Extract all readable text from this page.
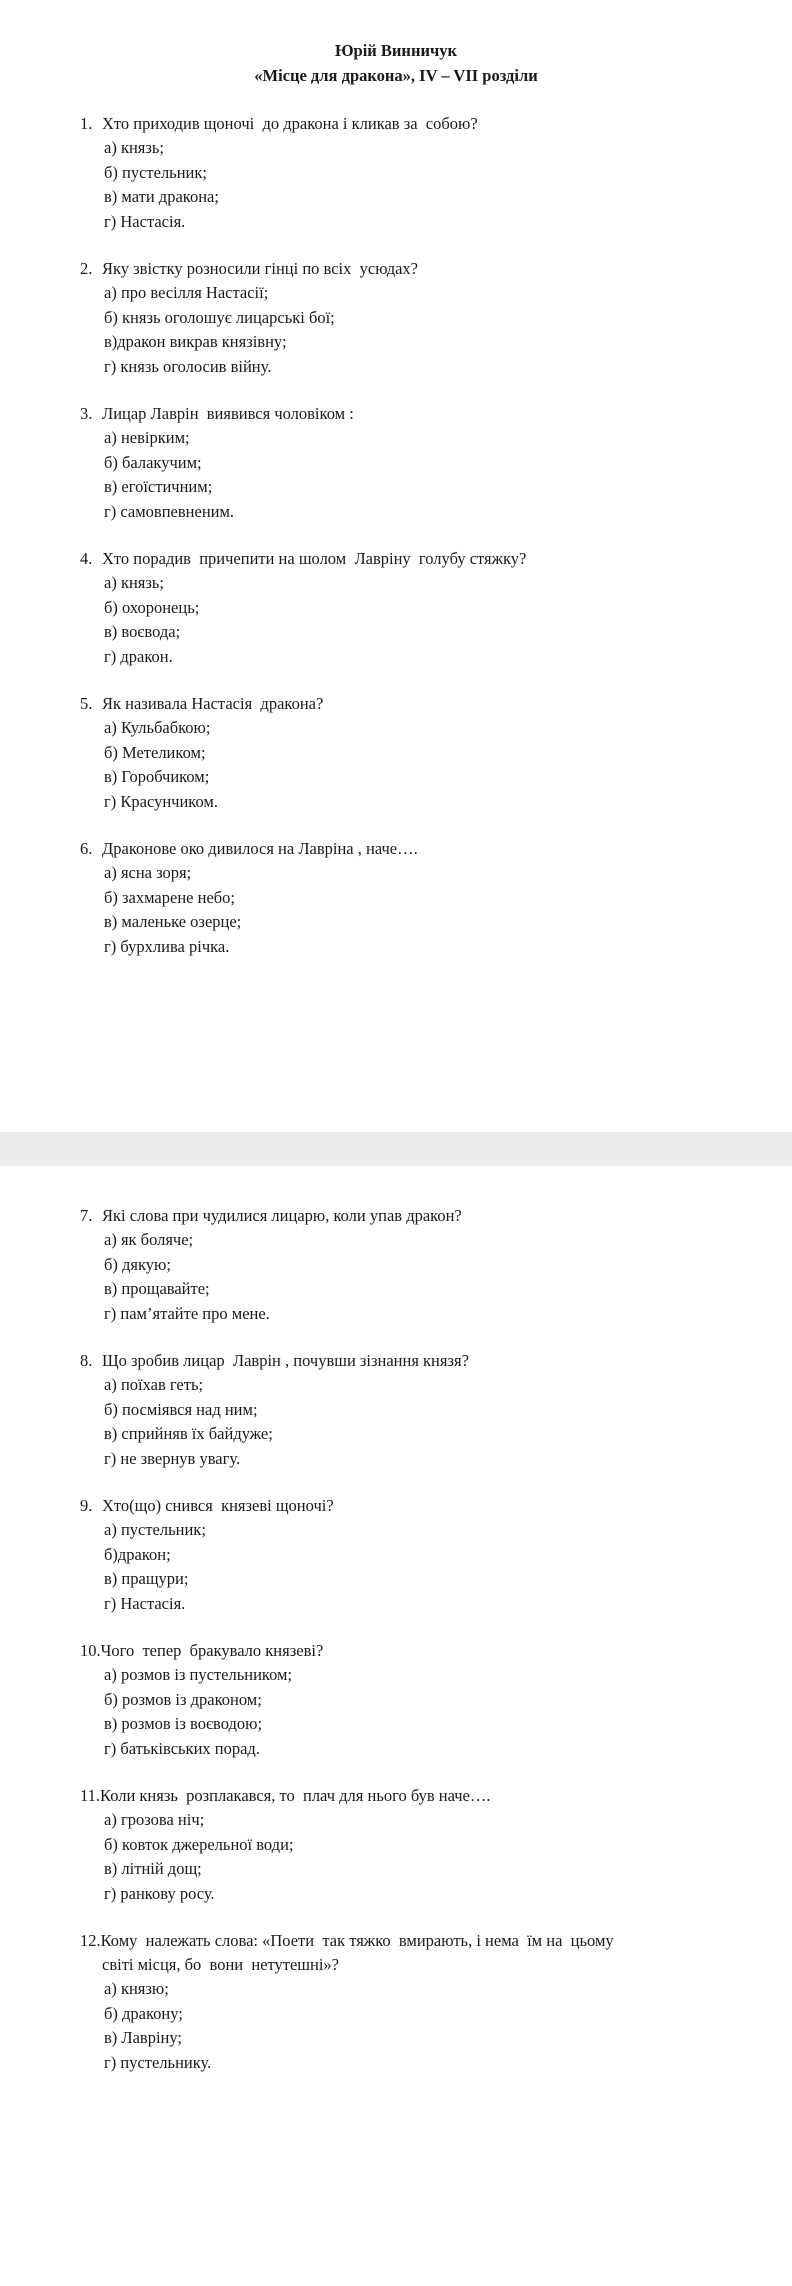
Юрій Винничук
«Місце для дракона», IV – VII розділи
1. Хто приходив щоночі  до дракона і кликав за  собою?
а) князь;
б) пустельник;
в) мати дракона;
г) Настасія.
2. Яку звістку розносили гінці по всіх  усюдах?
а) про весілля Настасії;
б) князь оголошує лицарські бої;
в)дракон викрав князівну;
г) князь оголосив війну.
3. Лицар Лаврін  виявився чоловіком :
а) невірким;
б) балакучим;
в) егоїстичним;
г) самовпевненим.
4. Хто порадив  причепити на шолом  Лавріну  голубу стяжку?
а) князь;
б) охоронець;
в) воєвода;
г) дракон.
5. Як називала Настасія  дракона?
а) Кульбабкою;
б) Метеликом;
в) Горобчиком;
г) Красунчиком.
6. Драконове око дивилося на Лавріна , наче….
а) ясна зоря;
б) захмарене небо;
в) маленьке озерце;
г) бурхлива річка.
7. Які слова при чудилися лицарю, коли упав дракон?
а) як боляче;
б) дякую;
в) прощавайте;
г) пам’ятайте про мене.
8. Що зробив лицар  Лаврін , почувши зізнання князя?
а) поїхав геть;
б) посміявся над ним;
в) сприйняв їх байдуже;
г) не звернув увагу.
9. Хто(що) снився  князеві щоночі?
а) пустельник;
б)дракон;
в) пращури;
г) Настасія.
10.Чого  тепер  бракувало князеві?
а) розмов із пустельником;
б) розмов із драконом;
в) розмов із воєводою;
г) батьківських порад.
11.Коли князь  розплакався, то  плач для нього був наче….
а) грозова ніч;
б) ковток джерельної води;
в) літній дощ;
г) ранкову росу.
12.Кому  належать слова: «Поети  так тяжко  вмирають, і нема  їм на  цьому
світі місця, бо  вони  нетутешні»?
а) князю;
б) дракону;
в) Лавріну;
г) пустельнику.
